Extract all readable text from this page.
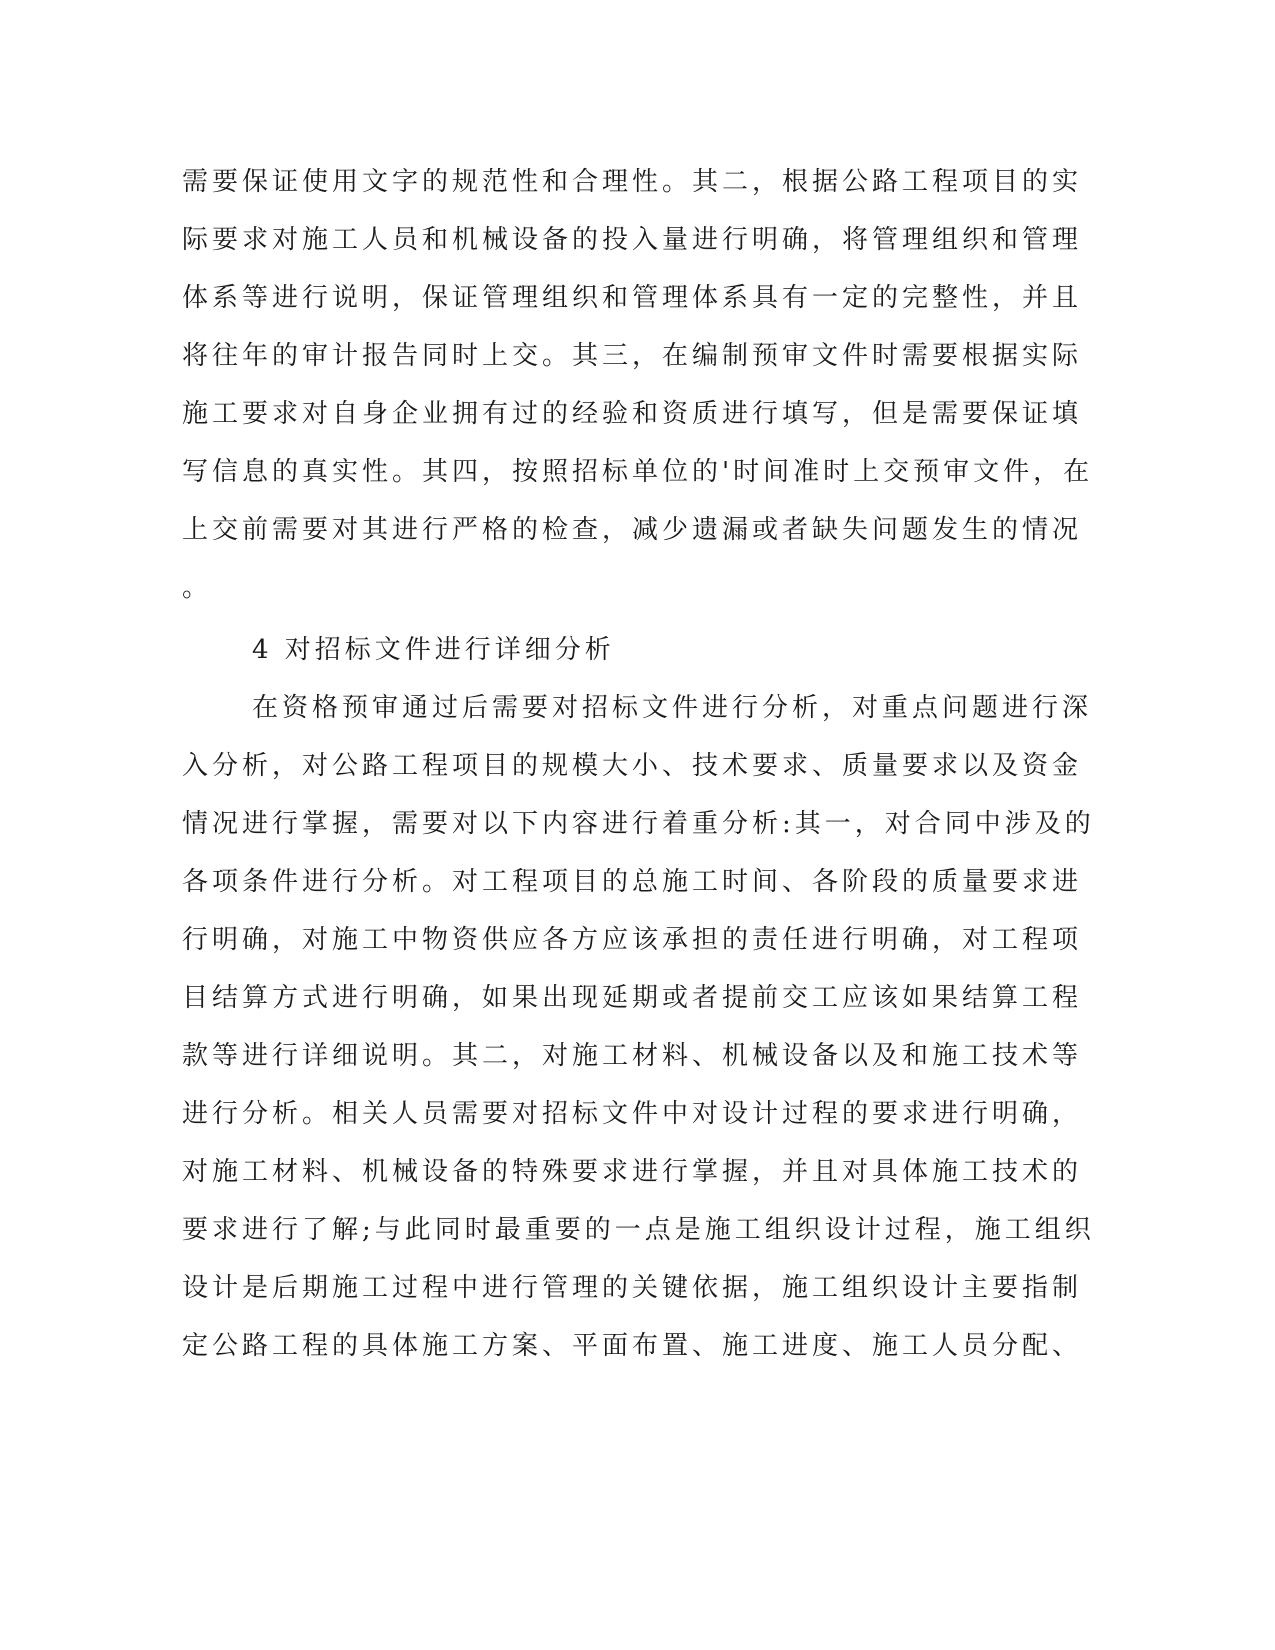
需要保证使用文字的规范性和合理性。其二，根据公路工程项目的实
际要求对施工人员和机械设备的投入量进行明确，将管理组织和管理
体系等进行说明，保证管理组织和管理体系具有一定的完整性，并且
将往年的审计报告同时上交。其三，在编制预审文件时需要根据实际
施工要求对自身企业拥有过的经验和资质进行填写，但是需要保证填
写信息的真实性。其四，按照招标单位的'时间准时上交预审文件，在
上交前需要对其进行严格的检查，减少遗漏或者缺失问题发生的情况
。
4 对招标文件进行详细分析
在资格预审通过后需要对招标文件进行分析，对重点问题进行深
入分析，对公路工程项目的规模大小、技术要求、质量要求以及资金
情况进行掌握，需要对以下内容进行着重分析:其一，对合同中涉及的
各项条件进行分析。对工程项目的总施工时间、各阶段的质量要求进
行明确，对施工中物资供应各方应该承担的责任进行明确，对工程项
目结算方式进行明确，如果出现延期或者提前交工应该如果结算工程
款等进行详细说明。其二，对施工材料、机械设备以及和施工技术等
进行分析。相关人员需要对招标文件中对设计过程的要求进行明确，
对施工材料、机械设备的特殊要求进行掌握，并且对具体施工技术的
要求进行了解;与此同时最重要的一点是施工组织设计过程，施工组织
设计是后期施工过程中进行管理的关键依据，施工组织设计主要指制
定公路工程的具体施工方案、平面布置、施工进度、施工人员分配、
